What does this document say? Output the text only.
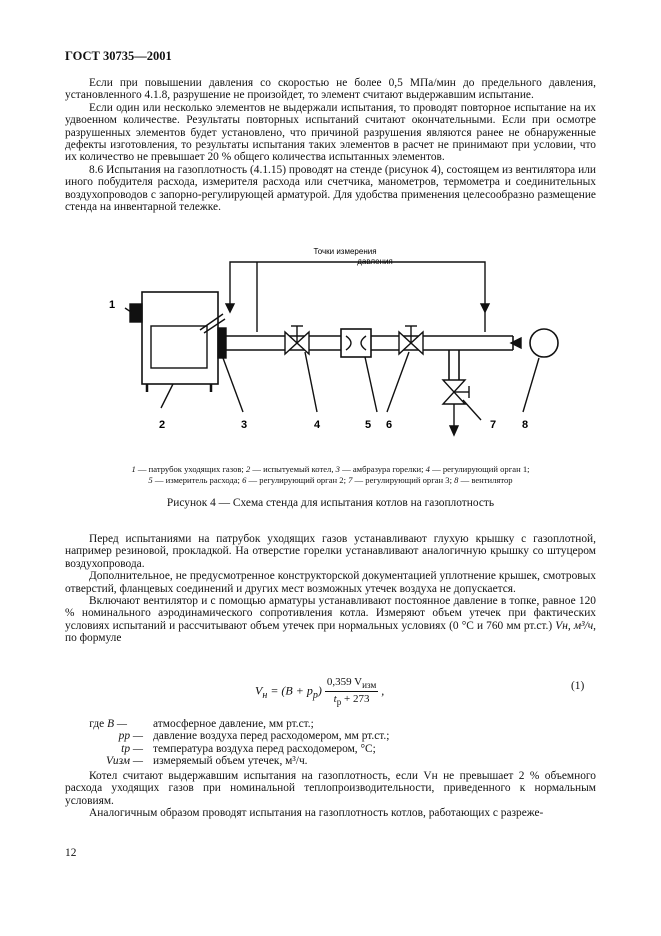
ГОСТ 30735—2001

Если при повышении давления со скоростью не более 0,5 МПа/мин до предельного давления, установленного 4.1.8, разрушение не произойдет, то элемент считают выдержавшим испытание.

Если один или несколько элементов не выдержали испытания, то проводят повторное испытание на их удвоенном количестве. Результаты повторных испытаний считают окончательными. Если при осмотре разрушенных элементов будет установлено, что причиной разрушения являются ранее не обнаруженные дефекты изготовления, то результаты испытания таких элементов в расчет не принимают при условии, что их количество не превышает 20 % общего количества испытанных элементов.

8.6 Испытания на газоплотность (4.1.15) проводят на стенде (рисунок 4), состоящем из вентилятора или иного побудителя расхода, измерителя расхода или счетчика, манометров, термометра и соединительных воздухопроводов с запорно-регулирующей арматурой. Для удобства применения целесообразно размещение стенда на инвентарной тележке.

1
2	3	4	5 6	7 8
Точки измерения
давления
1 — патрубок уходящих газов; 2 — испытуемый котел, 3 — амбразура горелки; 4 — регулирующий орган 1;
5 — измеритель расхода; 6 — регулирующий орган 2; 7 — регулирующий орган 3; 8 — вентилятор
Рисунок 4 — Схема стенда для испытания котлов на газоплотность

Перед испытаниями на патрубок уходящих газов устанавливают глухую крышку с газоплотной, например резиновой, прокладкой. На отверстие горелки устанавливают аналогичную крышку со штуцером воздухопровода.

Дополнительное, не предусмотренное конструкторской документацией уплотнение крышек, смотровых отверстий, фланцевых соединений и других мест возможных утечек воздуха не допускается.

Включают вентилятор и с помощью арматуры устанавливают постоянное давление в топке, равное 120 % номинального аэродинамического сопротивления котла. Измеряют объем утечек при фактических условиях испытаний и рассчитывают объем утечек при нормальных условиях (0 °С и 760 мм рт.ст.) Vн, м³/ч, по формуле

$V_н = (B + p_р) \frac{0,359 V_{изм}}{t_р + 273}$ ,	(1)
где B —	атмосферное давление, мм рт.ст.;
pр — давление воздуха перед расходомером, мм рт.ст.;
tр — температура воздуха перед расходомером, °С;
Vизм — измеряемый объем утечек, м³/ч.

Котел считают выдержавшим испытания на газоплотность, если Vн не превышает 2 % объемного расхода уходящих газов при номинальной теплопроизводительности, приведенного к нормальным условиям.

Аналогичным образом проводят испытания на газоплотность котлов, работающих с разреже-

12
